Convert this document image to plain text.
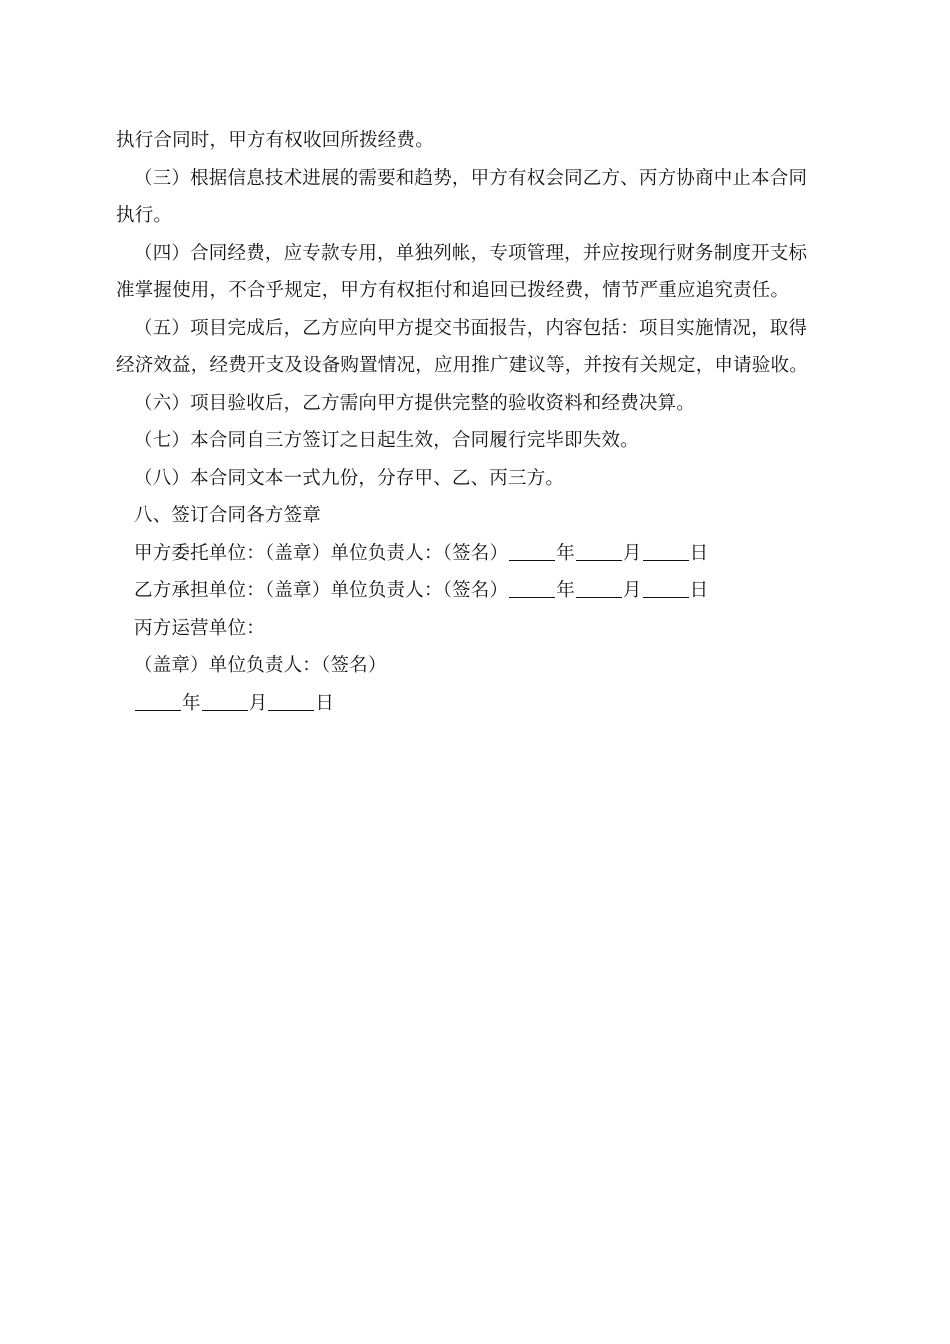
执行合同时，甲方有权收回所拨经费。
（三）根据信息技术进展的需要和趋势，甲方有权会同乙方、丙方协商中止本合同
执行。
（四）合同经费，应专款专用，单独列帐，专项管理，并应按现行财务制度开支标
准掌握使用，不合乎规定，甲方有权拒付和追回已拨经费，情节严重应追究责任。
（五）项目完成后，乙方应向甲方提交书面报告，内容包括：项目实施情况，取得
经济效益，经费开支及设备购置情况，应用推广建议等，并按有关规定，申请验收。
（六）项目验收后，乙方需向甲方提供完整的验收资料和经费决算。
（七）本合同自三方签订之日起生效，合同履行完毕即失效。
（八）本合同文本一式九份，分存甲、乙、丙三方。
八、签订合同各方签章
甲方委托单位：（盖章）单位负责人：（签名）	年	月	日
乙方承担单位：（盖章）单位负责人：（签名）	年	月	日
丙方运营单位：
（盖章）单位负责人：（签名）
年	月	日
